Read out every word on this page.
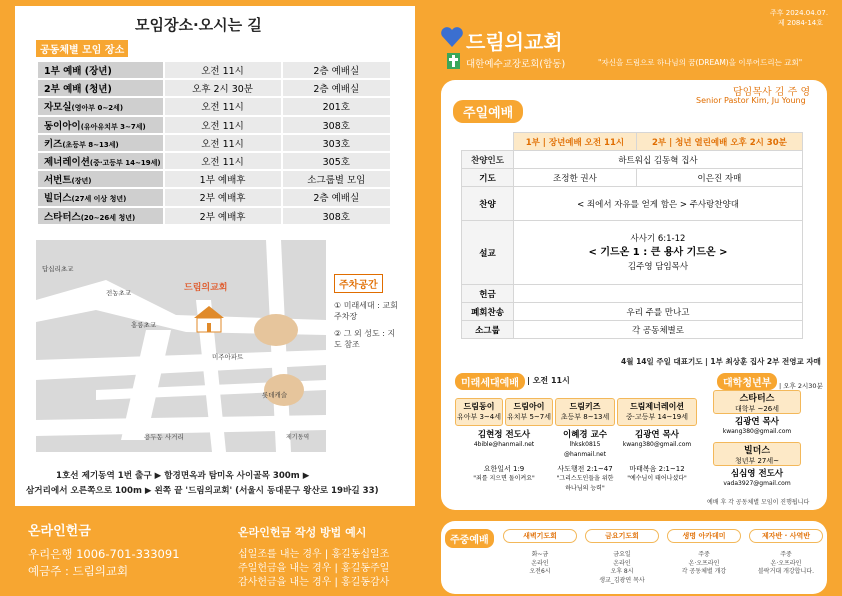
모임장소·오시는 길
공동체별 모임 장소
1부 예배 (장년)	오전 11시	2층 예배실
2부 예배 (청년)	오후 2시 30분	2층 예배실
자모실(영아부 0~2세)	오전 11시	201호
동이아이(유아유치부 3~7세)	오전 11시	308호
키즈(초등부 8~13세)	오전 11시	303호
제너레이션(중·고등부 14~19세)	오전 11시	305호
서번트(장년)	1부 예배후	소그룹별 모임
빌더스(27세 이상 청년)	2부 예배후	2층 예배실
스타터스(20~26세 청년)	2부 예배후	308호
답십리초교
전농초교
홍릉초교
미주아파트
롯데캐슬
용두동 사거리	제기동역
드림의교회	주차공간
① 미래세대 : 교회 주차장
② 그 외 성도 : 지도 참조
1호선 제기동역 1번 출구 ▶ 함경면옥과 탐미옥 사이골목 300m ▶
삼거리에서 오른쪽으로 100m ▶ 왼쪽 끝 '드림의교회' (서울시 동대문구 왕산로 19바길 33)
온라인헌금
우리은행 1006-701-333091
예금주 : 드림의교회
온라인헌금 작성 방법 예시
십일조를 내는 경우 | 홍길동십일조
주일헌금을 내는 경우 | 홍길동주일
감사헌금을 내는 경우 | 홍길동감사
주후 2024.04.07.
제 2084-14호
드림의교회
대한예수교장로회(합동)	"자신을 드림으로 하나님의 꿈(DREAM)을 이루어드리는 교회"
담임목사 김 주 영
Senior Pastor Kim, Ju Young
주일예배
	1부 | 장년예배 오전 11시	2부 | 청년 열린예배 오후 2시 30분
찬양인도	하트워십 김동혁 집사	
기도	조정한 권사	이은진 자매
찬양	< 죄에서 자유를 얻게 함은 > 주사랑찬양대	
설교	사사기 6:1-12
< 기드온 1 : 큰 용사 기드온 >
김주영 담임목사	

헌금		
폐회찬송	우리 주를 만나고	
소그룹	각 공동체별로	
4월 14일 주일 대표기도 | 1부 최상훈 집사 2부 전영교 자매
미래세대예배	| 오전 11시
드림동이
유아부 3~4세
드림아이
유치부 5~7세
드림키즈
초등부 8~13세
드림제너레이션
중·고등부 14~19세
김현정 전도사
4bible@hanmail.net
요한일서 1:9
"죄를 지으면 돌이켜요"
이혜경 교수
lhksk0815 @hanmail.net
사도행전 2:1~47
"그리스도인들을 위한 하나님의 능력"
김광연 목사
kwang380@gmail.com
마태복음 2:1~12
"예수님이 태어나셨다"
대학청년부	| 오후 2시30분
스타터스
대학부 ~26세
김광연 목사
kwang380@gmail.com
빌더스
청년부 27세~
심심영 전도사
vada3927@gmail.com
예배 후 각 공동체별 모임이 진행됩니다
주중예배	새벽기도회
화~금
온라인
오전6시
금요기도회
금요일
온라인
오후 8시
생교_김광연 목사
생명 아카데미
주중
온·오프라인
각 공동체별 개강
제자반 · 사역반
주중
온·오프라인
블락거대 개강합니다.
